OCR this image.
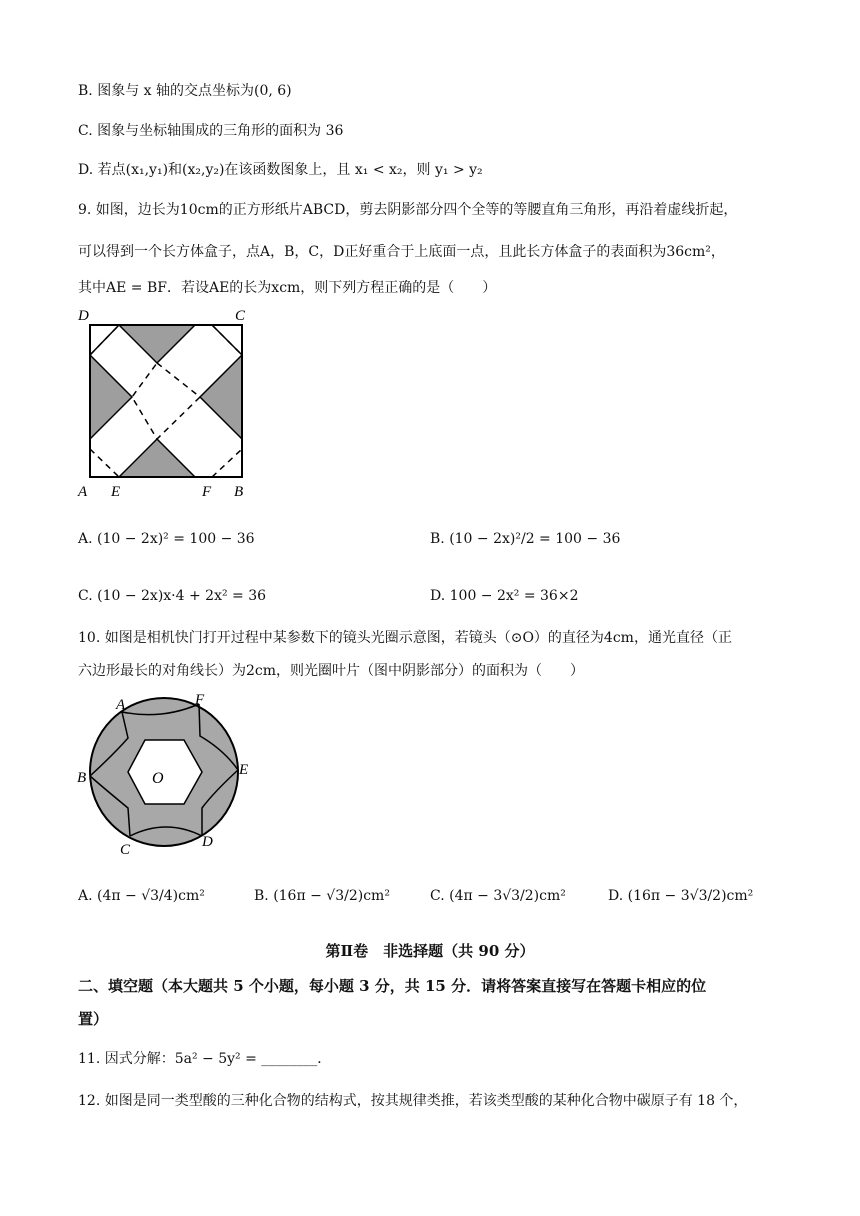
B. 图象与 x 轴的交点坐标为(0, 6)
C. 图象与坐标轴围成的三角形的面积为 36
D. 若点(x₁,y₁)和(x₂,y₂)在该函数图象上，且 x₁ < x₂，则 y₁ > y₂
9. 如图，边长为10cm的正方形纸片ABCD，剪去阴影部分四个全等的等腰直角三角形，再沿着虚线折起，
可以得到一个长方体盒子，点A，B，C，D正好重合于上底面一点，且此长方体盒子的表面积为36cm²，
其中AE = BF．若设AE的长为xcm，则下列方程正确的是（　　）
D	C
A E	F B
A. (10 − 2x)² = 100 − 36	B. (10 − 2x)²/2 = 100 − 36
C. (10 − 2x)x·4 + 2x² = 36	D. 100 − 2x² = 36×2
10. 如图是相机快门打开过程中某参数下的镜头光圈示意图，若镜头（⊙O）的直径为4cm，通光直径（正
六边形最长的对角线长）为2cm，则光圈叶片（图中阴影部分）的面积为（　　）
A	F
B	E
C	D
O
A. (4π − √3/4)cm²	B. (16π − √3/2)cm²	C. (4π − 3√3/2)cm²	D. (16π − 3√3/2)cm²
第Ⅱ卷　非选择题（共 90 分）
二、填空题（本大题共 5 个小题，每小题 3 分，共 15 分．请将答案直接写在答题卡相应的位
置）
11. 因式分解：5a² − 5y² = ________．
12. 如图是同一类型酸的三种化合物的结构式，按其规律类推，若该类型酸的某种化合物中碳原子有 18 个，
